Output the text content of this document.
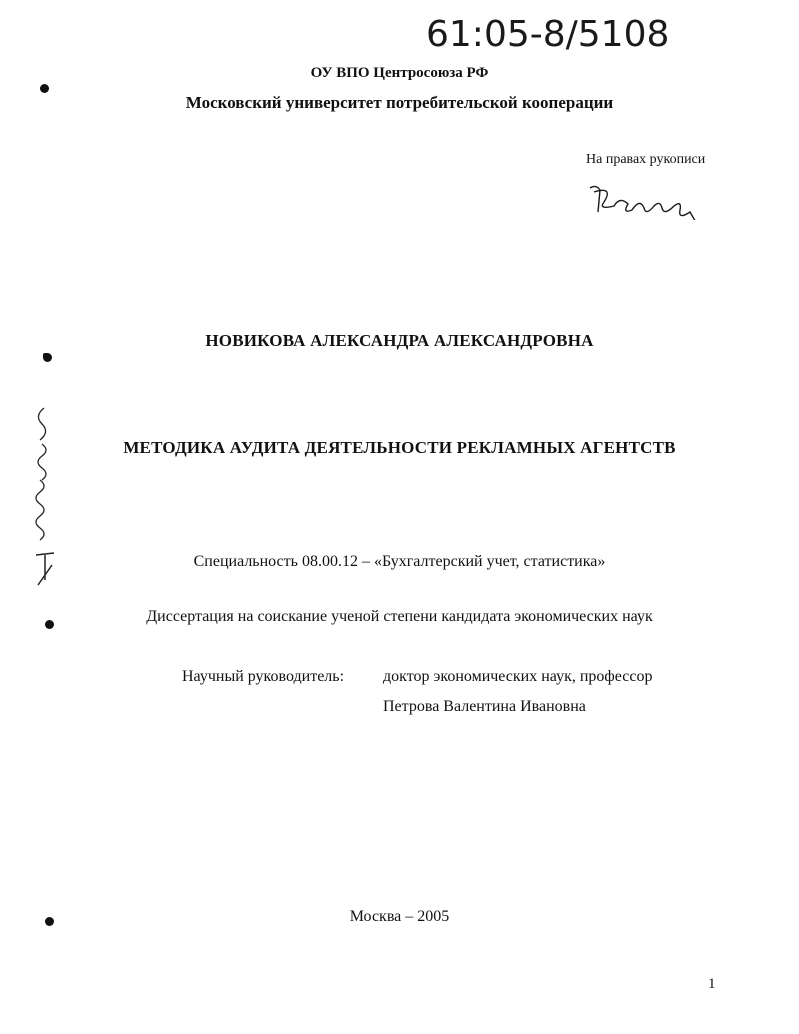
61:05-8/5108
ОУ ВПО Центросоюза РФ
Московский университет потребительской кооперации
На правах рукописи
НОВИКОВА АЛЕКСАНДРА АЛЕКСАНДРОВНА
МЕТОДИКА АУДИТА ДЕЯТЕЛЬНОСТИ РЕКЛАМНЫХ АГЕНТСТВ
Специальность 08.00.12 – «Бухгалтерский учет, статистика»
Диссертация на соискание ученой степени кандидата экономических наук
Научный руководитель: доктор экономических наук, профессор
Петрова Валентина Ивановна
Москва – 2005
1
